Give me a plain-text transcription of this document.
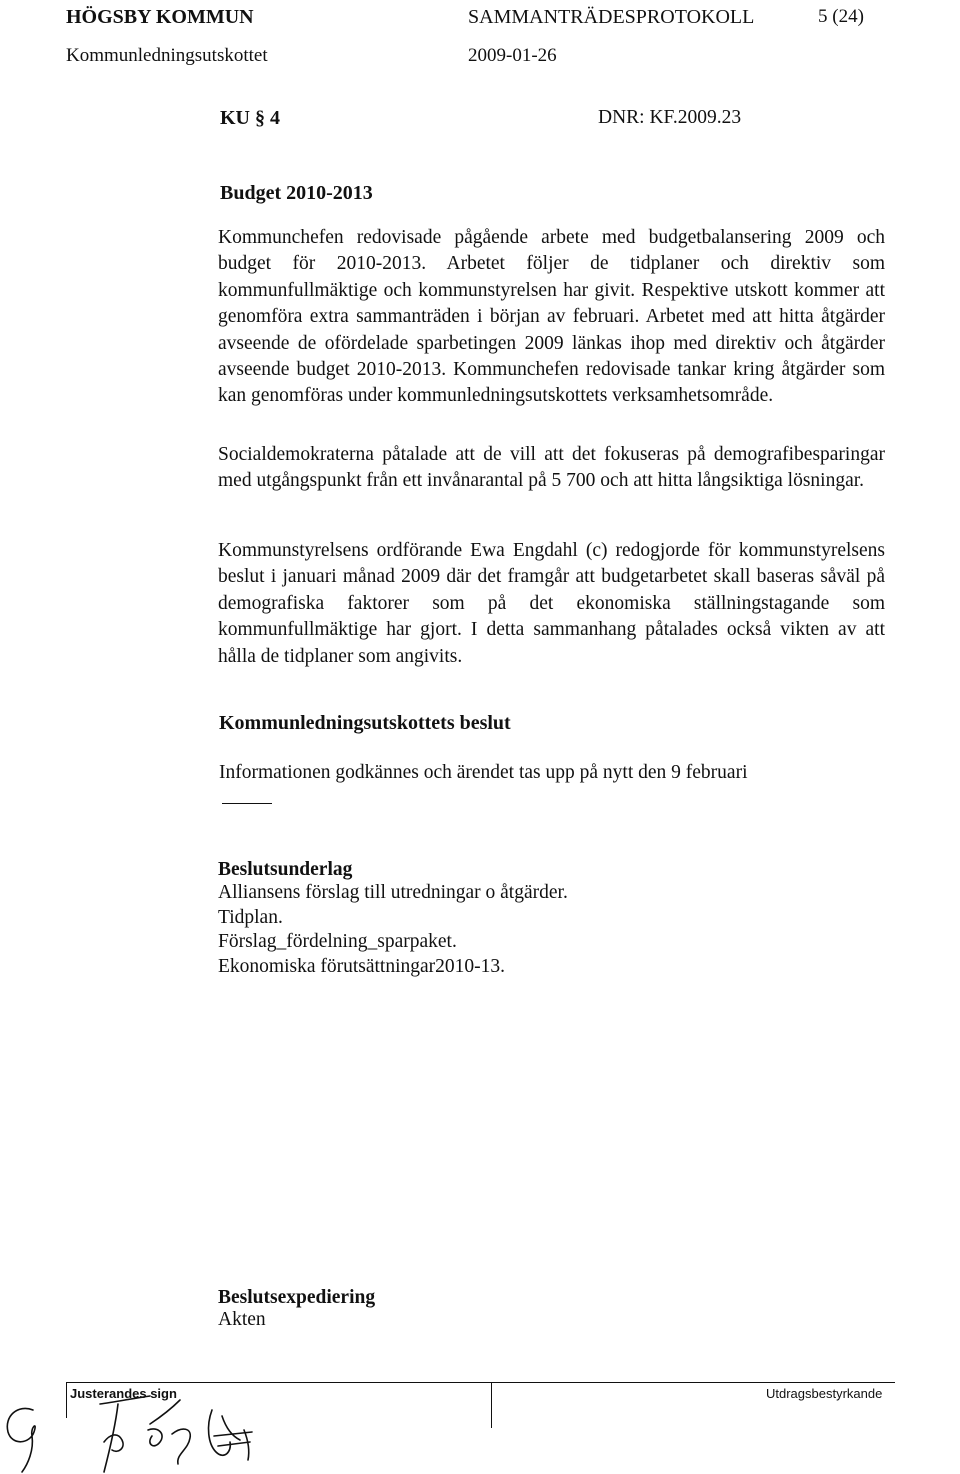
HÖGSBY KOMMUN	SAMMANTRÄDESPROTOKOLL	5 (24)
Kommunledningsutskottet	2009-01-26
KU § 4	DNR: KF.2009.23
Budget 2010-2013
Kommunchefen redovisade pågående arbete med budgetbalansering 2009 och budget för 2010-2013. Arbetet följer de tidplaner och direktiv som kommunfullmäktige och kommunstyrelsen har givit. Respektive utskott kommer att genomföra extra sammanträden i början av februari. Arbetet med att hitta åtgärder avseende de ofördelade sparbetingen 2009 länkas ihop med direktiv och åtgärder avseende budget 2010-2013. Kommunchefen redovisade tankar kring åtgärder som kan genomföras under kommunledningsutskottets verksamhetsområde.
Socialdemokraterna påtalade att de vill att det fokuseras på demografibesparingar med utgångspunkt från ett invånarantal på 5 700 och att hitta långsiktiga lösningar.
Kommunstyrelsens ordförande Ewa Engdahl (c) redogjorde för kommunstyrelsens beslut i januari månad 2009 där det framgår att budgetarbetet skall baseras såväl på demografiska faktorer som på det ekonomiska ställningstagande som kommunfullmäktige har gjort. I detta sammanhang påtalades också vikten av att hålla de tidplaner som angivits.
Kommunledningsutskottets beslut
Informationen godkännes och ärendet tas upp på nytt den 9 februari
Beslutsunderlag
Alliansens förslag till utredningar o åtgärder.
Tidplan.
Förslag_fördelning_sparpaket.
Ekonomiska förutsättningar2010-13.
Beslutsexpediering
Akten
Justerandes sign	Utdragsbestyrkande
